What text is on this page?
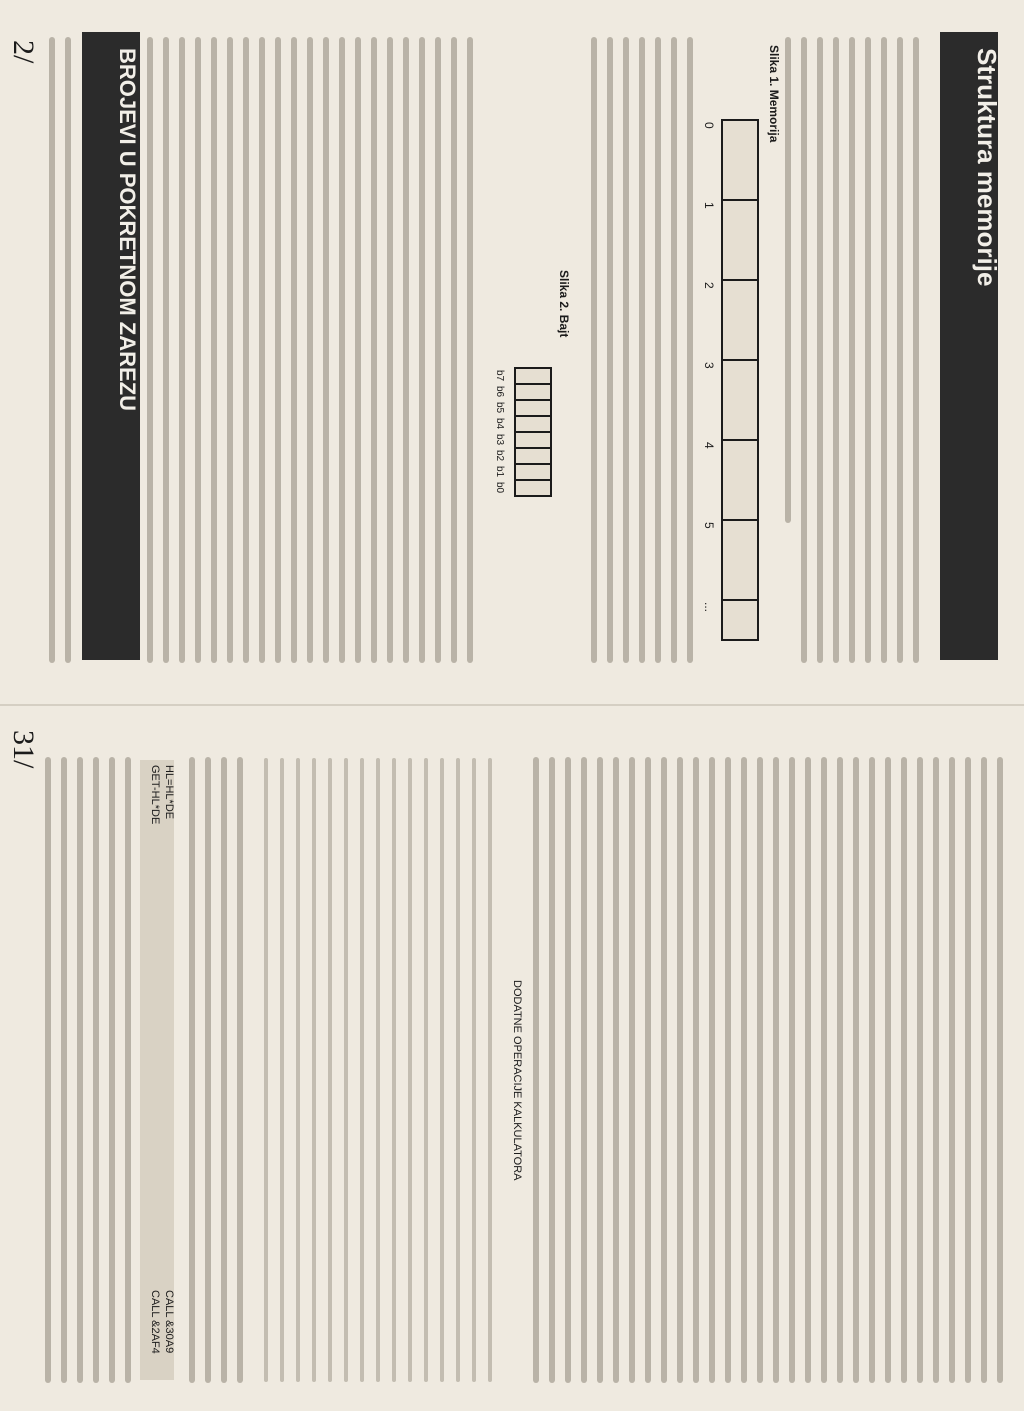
Struktura memorije
Slika 1. Memorija
0
1
2
3
4
5
...
Slika 2. Bajt
b7
b6
b5
b4
b3
b2
b1
b0
BROJEVI U POKRETNOM ZAREZU
2/
DODATNE OPERACIJE KALKULATORA
HL=HL*DE
GET-HL*DE
CALL &30A9
CALL &2AF4
31/
